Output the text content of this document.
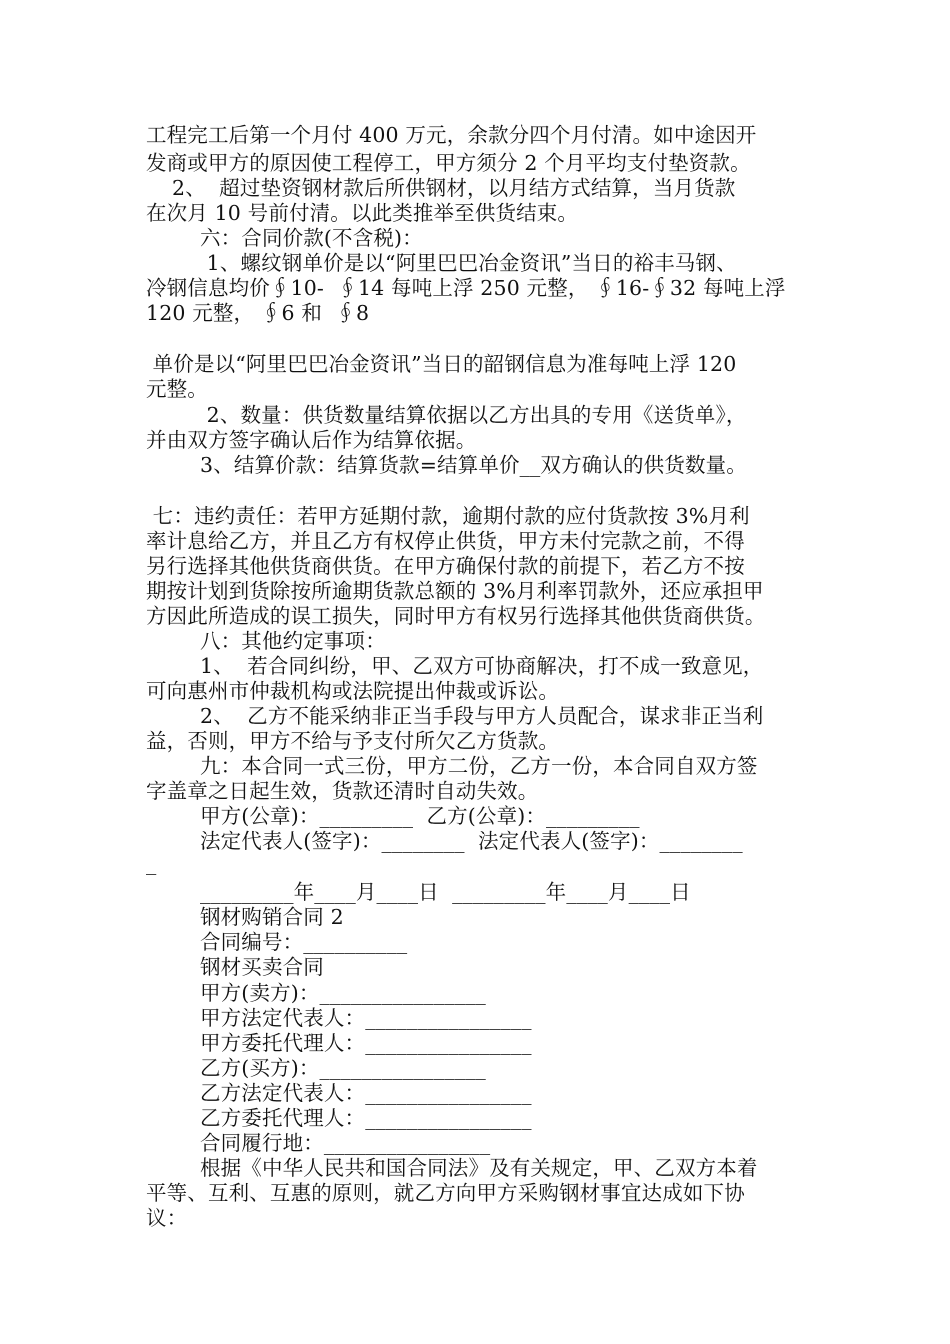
工程完工后第一个月付 400 万元，余款分四个月付清。如中途因开
发商或甲方的原因使工程停工，甲方须分 2 个月平均支付垫资款。
2、  超过垫资钢材款后所供钢材，以月结方式结算，当月货款
在次月 10 号前付清。以此类推举至供货结束。
六：合同价款(不含税)：
1、螺纹钢单价是以“阿里巴巴冶金资讯”当日的裕丰马钢、
冷钢信息均价∮10-  ∮14 每吨上浮 250 元整， ∮16-∮32 每吨上浮
120 元整， ∮6 和  ∮8
单价是以“阿里巴巴冶金资讯”当日的韶钢信息为准每吨上浮 120
元整。
2、数量：供货数量结算依据以乙方出具的专用《送货单》，
并由双方签字确认后作为结算依据。
3、结算价款：结算货款=结算单价__双方确认的供货数量。
七：违约责任：若甲方延期付款，逾期付款的应付货款按 3%月利
率计息给乙方，并且乙方有权停止供货，甲方未付完款之前，不得
另行选择其他供货商供货。在甲方确保付款的前提下，若乙方不按
期按计划到货除按所逾期货款总额的 3%月利率罚款外，还应承担甲
方因此所造成的误工损失，同时甲方有权另行选择其他供货商供货。
八：其他约定事项：
1、  若合同纠纷，甲、乙双方可协商解决，打不成一致意见，
可向惠州市仲裁机构或法院提出仲裁或诉讼。
2、  乙方不能采纳非正当手段与甲方人员配合，谋求非正当利
益，否则，甲方不给与予支付所欠乙方货款。
九：本合同一式三份，甲方二份，乙方一份，本合同自双方签
字盖章之日起生效，货款还清时自动失效。
甲方(公章)：_________  乙方(公章)：_________
法定代表人(签字)：________  法定代表人(签字)：________
_
_________年____月____日  _________年____月____日
钢材购销合同 2
合同编号：__________
钢材买卖合同
甲方(卖方)：________________
甲方法定代表人：________________
甲方委托代理人：________________
乙方(买方)：________________
乙方法定代表人：________________
乙方委托代理人：________________
合同履行地：________________
根据《中华人民共和国合同法》及有关规定，甲、乙双方本着
平等、互利、互惠的原则，就乙方向甲方采购钢材事宜达成如下协
议：
